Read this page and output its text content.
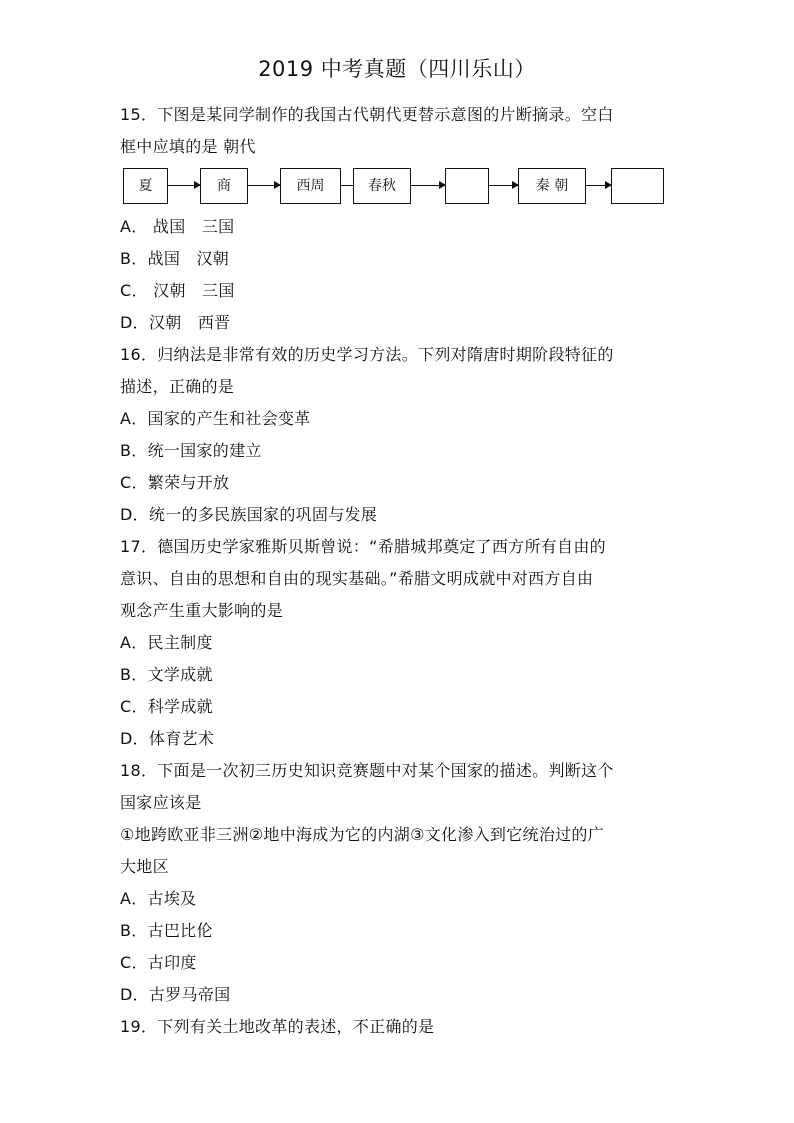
2019 中考真题（四川乐山）
15．下图是某同学制作的我国古代朝代更替示意图的片断摘录。空白
框中应填的是 朝代
夏	商	西周	春秋	秦 朝
A． 战国　三国
B．战国　汉朝
C． 汉朝　三国
D．汉朝　西晋
16．归纳法是非常有效的历史学习方法。下列对隋唐时期阶段特征的
描述，正确的是
A．国家的产生和社会变革
B．统一国家的建立
C．繁荣与开放
D．统一的多民族国家的巩固与发展
17．德国历史学家雅斯贝斯曾说：“希腊城邦奠定了西方所有自由的
意识、自由的思想和自由的现实基础。”希腊文明成就中对西方自由
观念产生重大影响的是
A．民主制度
B．文学成就
C．科学成就
D．体育艺术
18．下面是一次初三历史知识竞赛题中对某个国家的描述。判断这个
国家应该是
①地跨欧亚非三洲②地中海成为它的内湖③文化渗入到它统治过的广
大地区
A．古埃及
B．古巴比伦
C．古印度
D．古罗马帝国
19．下列有关土地改革的表述，不正确的是
